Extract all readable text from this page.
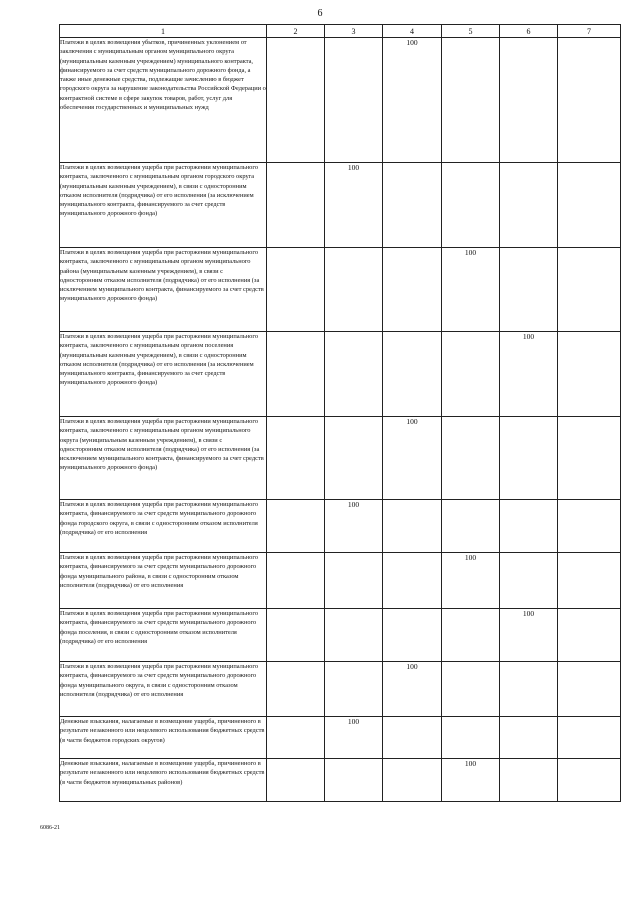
6
1	2	3	4	5	6	7
Платежи в целях возмещения убытков, причиненных уклонением от заключения с муниципальным органом муниципального округа (муниципальным казенным учреждением) муниципального контракта, финансируемого за счет средств муниципального дорожного фонда, а также иные денежные средства, подлежащие зачислению в бюджет городского округа за нарушение законодательства Российской Федерации о контрактной системе в сфере закупок товаров, работ, услуг для обеспечения государственных и муниципальных нужд			100			
Платежи в целях возмещения ущерба при расторжении муниципального контракта, заключенного с муниципальным органом городского округа (муниципальным казенным учреждением), в связи с односторонним отказом исполнителя (подрядчика) от его исполнения (за исключением муниципального контракта, финансируемого за счет средств муниципального дорожного фонда)		100				
Платежи в целях возмещения ущерба при расторжении муниципального контракта, заключенного с муниципальным органом муниципального района (муниципальным казенным учреждением), в связи с односторонним отказом исполнителя (подрядчика) от его исполнения (за исключением муниципального контракта, финансируемого за счет средств муниципального дорожного фонда)				100		
Платежи в целях возмещения ущерба при расторжении муниципального контракта, заключенного с муниципальным органом поселения (муниципальным казенным учреждением), в связи с односторонним отказом исполнителя (подрядчика) от его исполнения (за исключением муниципального контракта, финансируемого за счет средств муниципального дорожного фонда)					100	
Платежи в целях возмещения ущерба при расторжении муниципального контракта, заключенного с муниципальным органом муниципального округа (муниципальным казенным учреждением), в связи с односторонним отказом исполнителя (подрядчика) от его исполнения (за исключением муниципального контракта, финансируемого за счет средств муниципального дорожного фонда)			100			
Платежи в целях возмещения ущерба при расторжении муниципального контракта, финансируемого за счет средств муниципального дорожного фонда городского округа, в связи с односторонним отказом исполнителя (подрядчика) от его исполнения		100				
Платежи в целях возмещения ущерба при расторжении муниципального контракта, финансируемого за счет средств муниципального дорожного фонда муниципального района, в связи с односторонним отказом исполнителя (подрядчика) от его исполнения				100		
Платежи в целях возмещения ущерба при расторжении муниципального контракта, финансируемого за счет средств муниципального дорожного фонда поселения, в связи с односторонним отказом исполнителя (подрядчика) от его исполнения					100	
Платежи в целях возмещения ущерба при расторжении муниципального контракта, финансируемого за счет средств муниципального дорожного фонда муниципального округа, в связи с односторонним отказом исполнителя (подрядчика) от его исполнения			100			
Денежные взыскания, налагаемые в возмещение ущерба, причиненного в результате незаконного или нецелевого использования бюджетных средств (в части бюджетов городских округов)		100				
Денежные взыскания, налагаемые в возмещение ущерба, причиненного в результате незаконного или нецелевого использования бюджетных средств (в части бюджетов муниципальных районов)				100		
6086-21
